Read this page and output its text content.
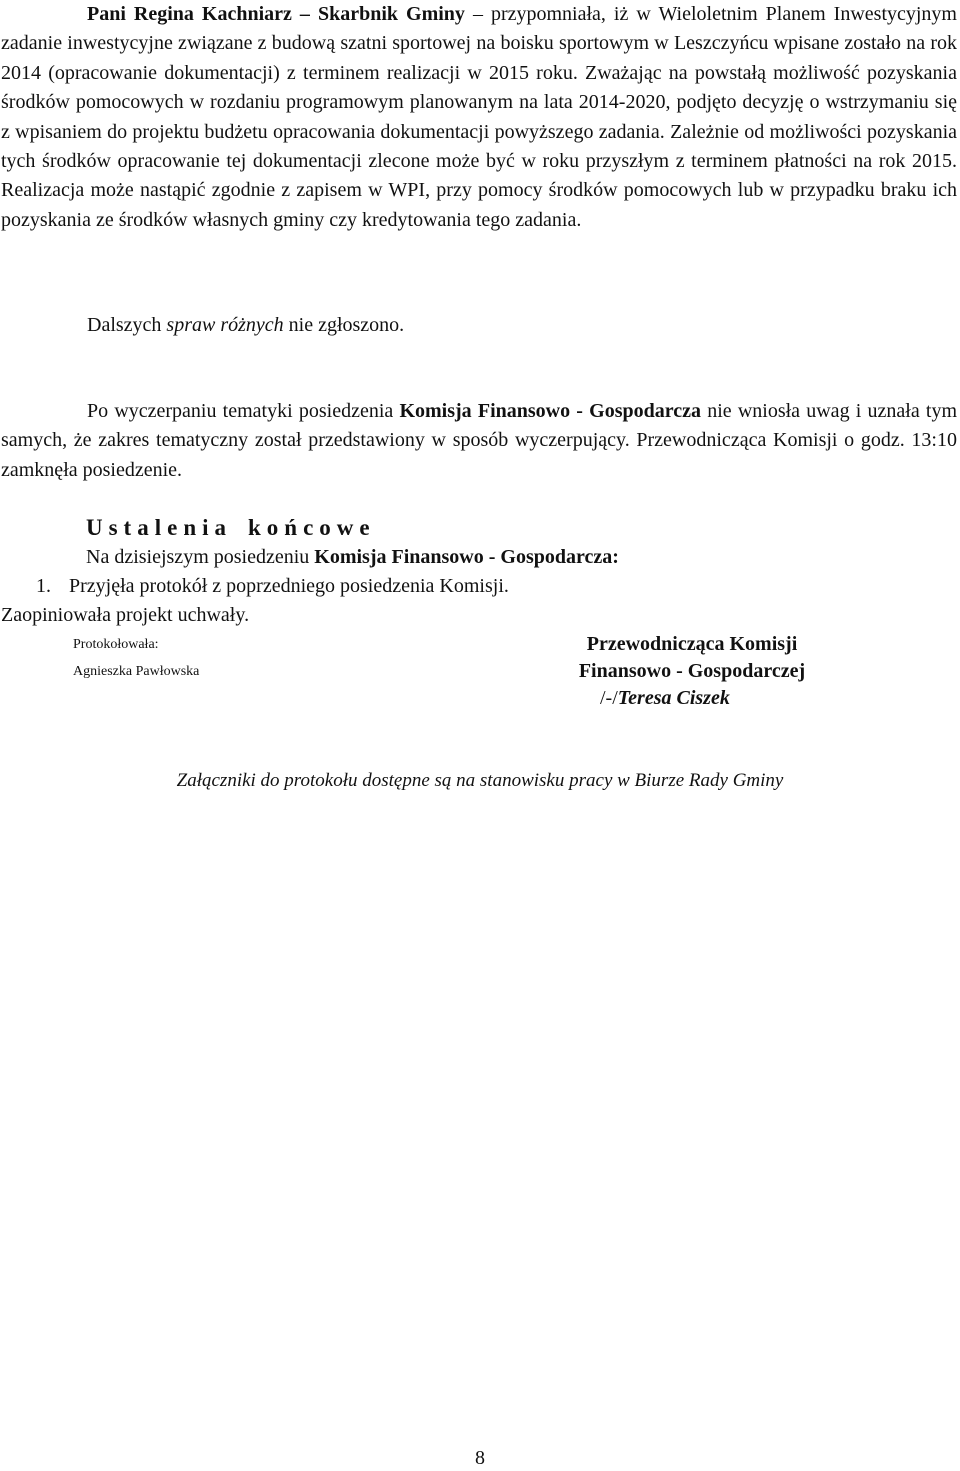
Pani Regina Kachniarz – Skarbnik Gminy – przypomniała, iż w Wieloletnim Planem Inwestycyjnym zadanie inwestycyjne związane z budową szatni sportowej na boisku sportowym w Leszczyńcu wpisane zostało na rok 2014 (opracowanie dokumentacji) z terminem realizacji w 2015 roku. Zważając na powstałą możliwość pozyskania środków pomocowych w rozdaniu programowym planowanym na lata 2014-2020, podjęto decyzję o wstrzymaniu się z wpisaniem do projektu budżetu opracowania dokumentacji powyższego zadania. Zależnie od możliwości pozyskania tych środków opracowanie tej dokumentacji zlecone może być w roku przyszłym z terminem płatności na rok 2015. Realizacja może nastąpić zgodnie z zapisem w WPI, przy pomocy środków pomocowych lub w przypadku braku ich pozyskania ze środków własnych gminy czy kredytowania tego zadania.

Dalszych spraw różnych nie zgłoszono.

Po wyczerpaniu tematyki posiedzenia Komisja Finansowo - Gospodarcza nie wniosła uwag i uznała tym samych, że zakres tematyczny został przedstawiony w sposób wyczerpujący. Przewodnicząca Komisji o godz. 13:10 zamknęła posiedzenie.

Ustalenia końcowe
Na dzisiejszym posiedzeniu Komisja Finansowo - Gospodarcza:
1. Przyjęła protokół z poprzedniego posiedzenia Komisji.
Zaopiniowała projekt uchwały.
Protokołowała:
Agnieszka Pawłowska
Przewodnicząca Komisji
Finansowo - Gospodarczej
/-/Teresa Ciszek
Załączniki do protokołu dostępne są na stanowisku pracy w Biurze Rady Gminy
8
